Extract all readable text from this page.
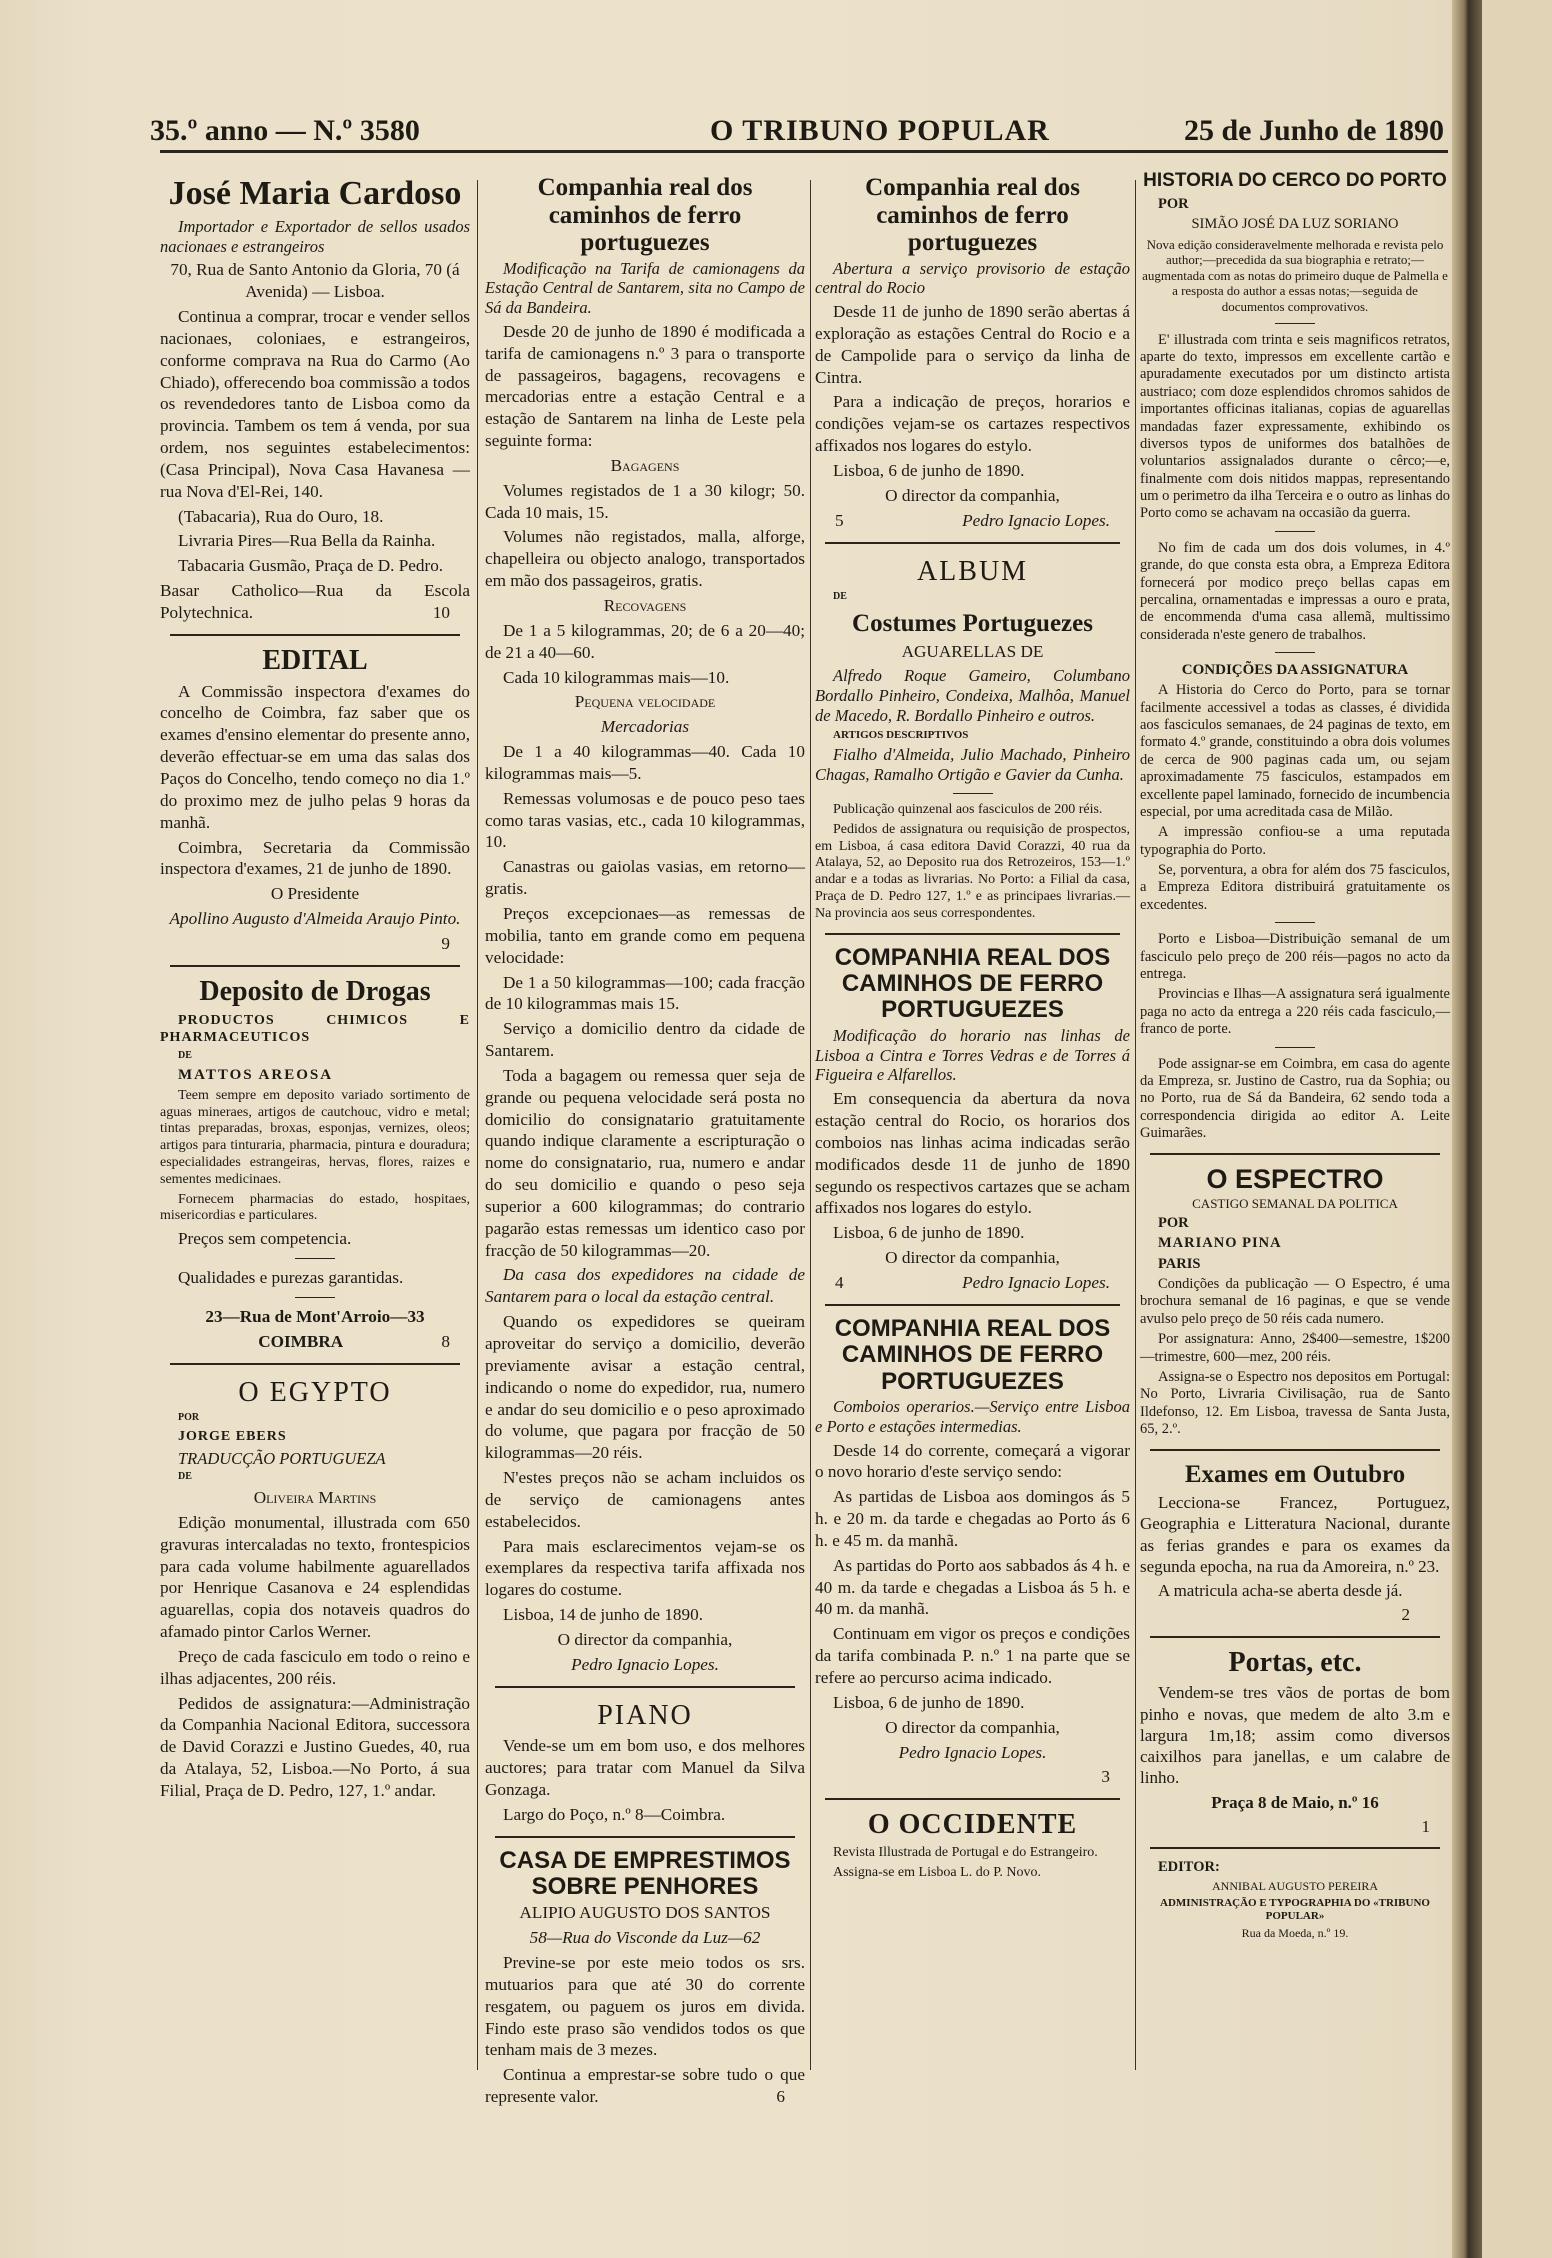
35.º anno — N.º 3580	O TRIBUNO POPULAR	25 de Junho de 1890
José Maria Cardoso

Importador e Exportador de sellos usados nacionaes e estrangeiros

70, Rua de Santo Antonio da Gloria, 70 (á Avenida) — Lisboa.

Continua a comprar, trocar e vender sellos nacionaes, coloniaes, e estrangeiros, conforme comprava na Rua do Carmo (Ao Chiado), offerecendo boa commissão a todos os revendedores tanto de Lisboa como da provincia. Tambem os tem á venda, por sua ordem, nos seguintes estabelecimentos: (Casa Principal), Nova Casa Havanesa — rua Nova d'El-Rei, 140.

(Tabacaria), Rua do Ouro, 18.

Livraria Pires—Rua Bella da Rainha.

Tabacaria Gusmão, Praça de D. Pedro.

Basar Catholico—Rua da Escola Polytechnica.	10

EDITAL

A Commissão inspectora d'exames do concelho de Coimbra, faz saber que os exames d'ensino elementar do presente anno, deverão effectuar-se em uma das salas dos Paços do Concelho, tendo começo no dia 1.º do proximo mez de julho pelas 9 horas da manhã.

Coimbra, Secretaria da Commissão inspectora d'exames, 21 de junho de 1890.

O Presidente

Apollino Augusto d'Almeida Araujo Pinto.

9

Deposito de Drogas

PRODUCTOS CHIMICOS E PHARMACEUTICOS

DE

MATTOS AREOSA

Teem sempre em deposito variado sortimento de aguas mineraes, artigos de cautchouc, vidro e metal; tintas preparadas, broxas, esponjas, vernizes, oleos; artigos para tinturaria, pharmacia, pintura e douradura; especialidades estrangeiras, hervas, flores, raizes e sementes medicinaes.

Fornecem pharmacias do estado, hospitaes, misericordias e particulares.

Preços sem competencia.

Qualidades e purezas garantidas.

23—Rua de Mont'Arroio—33

COIMBRA	8

O EGYPTO

POR

JORGE EBERS

TRADUCÇÃO PORTUGUEZA

DE

Oliveira Martins

Edição monumental, illustrada com 650 gravuras intercaladas no texto, frontespicios para cada volume habilmente aguarellados por Henrique Casanova e 24 esplendidas aguarellas, copia dos notaveis quadros do afamado pintor Carlos Werner.

Preço de cada fasciculo em todo o reino e ilhas adjacentes, 200 réis.

Pedidos de assignatura:—Administração da Companhia Nacional Editora, successora de David Corazzi e Justino Guedes, 40, rua da Atalaya, 52, Lisboa.—No Porto, á sua Filial, Praça de D. Pedro, 127, 1.º andar.

Companhia real dos caminhos de ferro portuguezes

Modificação na Tarifa de camionagens da Estação Central de Santarem, sita no Campo de Sá da Bandeira.

Desde 20 de junho de 1890 é modificada a tarifa de camionagens n.º 3 para o transporte de passageiros, bagagens, recovagens e mercadorias entre a estação Central e a estação de Santarem na linha de Leste pela seguinte forma:

Bagagens

Volumes registados de 1 a 30 kilogr; 50. Cada 10 mais, 15.

Volumes não registados, malla, alforge, chapelleira ou objecto analogo, transportados em mão dos passageiros, gratis.

Recovagens

De 1 a 5 kilogrammas, 20; de 6 a 20—40; de 21 a 40—60.

Cada 10 kilogrammas mais—10.

Pequena velocidade

Mercadorias

De 1 a 40 kilogrammas—40. Cada 10 kilogrammas mais—5.

Remessas volumosas e de pouco peso taes como taras vasias, etc., cada 10 kilogrammas, 10.

Canastras ou gaiolas vasias, em retorno—gratis.

Preços excepcionaes—as remessas de mobilia, tanto em grande como em pequena velocidade:

De 1 a 50 kilogrammas—100; cada fracção de 10 kilogrammas mais 15.

Serviço a domicilio dentro da cidade de Santarem.

Toda a bagagem ou remessa quer seja de grande ou pequena velocidade será posta no domicilio do consignatario gratuitamente quando indique claramente a escripturação o nome do consignatario, rua, numero e andar do seu domicilio e quando o peso seja superior a 600 kilogrammas; do contrario pagarão estas remessas um identico caso por fracção de 50 kilogrammas—20.

Da casa dos expedidores na cidade de Santarem para o local da estação central.

Quando os expedidores se queiram aproveitar do serviço a domicilio, deverão previamente avisar a estação central, indicando o nome do expedidor, rua, numero e andar do seu domicilio e o peso aproximado do volume, que pagara por fracção de 50 kilogrammas—20 réis.

N'estes preços não se acham incluidos os de serviço de camionagens antes estabelecidos.

Para mais esclarecimentos vejam-se os exemplares da respectiva tarifa affixada nos logares do costume.

Lisboa, 14 de junho de 1890.

O director da companhia,

Pedro Ignacio Lopes.

PIANO

Vende-se um em bom uso, e dos melhores auctores; para tratar com Manuel da Silva Gonzaga.

Largo do Poço, n.º 8—Coimbra.

CASA DE EMPRESTIMOS SOBRE PENHORES

ALIPIO AUGUSTO DOS SANTOS

58—Rua do Visconde da Luz—62

Previne-se por este meio todos os srs. mutuarios para que até 30 do corrente resgatem, ou paguem os juros em divida. Findo este praso são vendidos todos os que tenham mais de 3 mezes.

Continua a emprestar-se sobre tudo o que represente valor.	6

Companhia real dos caminhos de ferro portuguezes

Abertura a serviço provisorio de estação central do Rocio

Desde 11 de junho de 1890 serão abertas á exploração as estações Central do Rocio e a de Campolide para o serviço da linha de Cintra.

Para a indicação de preços, horarios e condições vejam-se os cartazes respectivos affixados nos logares do estylo.

Lisboa, 6 de junho de 1890.

O director da companhia,

5	Pedro Ignacio Lopes.
ALBUM

DE

Costumes Portuguezes

AGUARELLAS DE

Alfredo Roque Gameiro, Columbano Bordallo Pinheiro, Condeixa, Malhôa, Manuel de Macedo, R. Bordallo Pinheiro e outros.

ARTIGOS DESCRIPTIVOS

Fialho d'Almeida, Julio Machado, Pinheiro Chagas, Ramalho Ortigão e Gavier da Cunha.

Publicação quinzenal aos fasciculos de 200 réis.

Pedidos de assignatura ou requisição de prospectos, em Lisboa, á casa editora David Corazzi, 40 rua da Atalaya, 52, ao Deposito rua dos Retrozeiros, 153—1.º andar e a todas as livrarias. No Porto: a Filial da casa, Praça de D. Pedro 127, 1.º e as principaes livrarias.—Na provincia aos seus correspondentes.

COMPANHIA REAL DOS CAMINHOS DE FERRO PORTUGUEZES

Modificação do horario nas linhas de Lisboa a Cintra e Torres Vedras e de Torres á Figueira e Alfarellos.

Em consequencia da abertura da nova estação central do Rocio, os horarios dos comboios nas linhas acima indicadas serão modificados desde 11 de junho de 1890 segundo os respectivos cartazes que se acham affixados nos logares do estylo.

Lisboa, 6 de junho de 1890.

O director da companhia,

4	Pedro Ignacio Lopes.
COMPANHIA REAL DOS CAMINHOS DE FERRO PORTUGUEZES

Comboios operarios.—Serviço entre Lisboa e Porto e estações intermedias.

Desde 14 do corrente, começará a vigorar o novo horario d'este serviço sendo:

As partidas de Lisboa aos domingos ás 5 h. e 20 m. da tarde e chegadas ao Porto ás 6 h. e 45 m. da manhã.

As partidas do Porto aos sabbados ás 4 h. e 40 m. da tarde e chegadas a Lisboa ás 5 h. e 40 m. da manhã.

Continuam em vigor os preços e condições da tarifa combinada P. n.º 1 na parte que se refere ao percurso acima indicado.

Lisboa, 6 de junho de 1890.

O director da companhia,

Pedro Ignacio Lopes.

3

O OCCIDENTE

Revista Illustrada de Portugal e do Estrangeiro.

Assigna-se em Lisboa L. do P. Novo.

HISTORIA DO CERCO DO PORTO

POR

SIMÃO JOSÉ DA LUZ SORIANO

Nova edição consideravelmente melhorada e revista pelo author;—precedida da sua biographia e retrato;—augmentada com as notas do primeiro duque de Palmella e a resposta do author a essas notas;—seguida de documentos comprovativos.

E' illustrada com trinta e seis magnificos retratos, aparte do texto, impressos em excellente cartão e apuradamente executados por um distincto artista austriaco; com doze esplendidos chromos sahidos de importantes officinas italianas, copias de aguarellas mandadas fazer expressamente, exhibindo os diversos typos de uniformes dos batalhões de voluntarios assignalados durante o cêrco;—e, finalmente com dois nitidos mappas, representando um o perimetro da ilha Terceira e o outro as linhas do Porto como se achavam na occasião da guerra.

No fim de cada um dos dois volumes, in 4.º grande, do que consta esta obra, a Empreza Editora fornecerá por modico preço bellas capas em percalina, ornamentadas e impressas a ouro e prata, de encommenda d'uma casa allemã, multissimo considerada n'este genero de trabalhos.

CONDIÇÕES DA ASSIGNATURA

A Historia do Cerco do Porto, para se tornar facilmente accessivel a todas as classes, é dividida aos fasciculos semanaes, de 24 paginas de texto, em formato 4.º grande, constituindo a obra dois volumes de cerca de 900 paginas cada um, ou sejam aproximadamente 75 fasciculos, estampados em excellente papel laminado, fornecido de incumbencia especial, por uma acreditada casa de Milão.

A impressão confiou-se a uma reputada typographia do Porto.

Se, porventura, a obra for além dos 75 fasciculos, a Empreza Editora distribuirá gratuitamente os excedentes.

Porto e Lisboa—Distribuição semanal de um fasciculo pelo preço de 200 réis—pagos no acto da entrega.

Provincias e Ilhas—A assignatura será igualmente paga no acto da entrega a 220 réis cada fasciculo,—franco de porte.

Pode assignar-se em Coimbra, em casa do agente da Empreza, sr. Justino de Castro, rua da Sophia; ou no Porto, rua de Sá da Bandeira, 62 sendo toda a correspondencia dirigida ao editor A. Leite Guimarães.

O ESPECTRO

CASTIGO SEMANAL DA POLITICA

POR

MARIANO PINA

PARIS

Condições da publicação — O Espectro, é uma brochura semanal de 16 paginas, e que se vende avulso pelo preço de 50 réis cada numero.

Por assignatura: Anno, 2$400—semestre, 1$200—trimestre, 600—mez, 200 réis.

Assigna-se o Espectro nos depositos em Portugal: No Porto, Livraria Civilisação, rua de Santo Ildefonso, 12. Em Lisboa, travessa de Santa Justa, 65, 2.º.

Exames em Outubro

Lecciona-se Francez, Portuguez, Geographia e Litteratura Nacional, durante as ferias grandes e para os exames da segunda epocha, na rua da Amoreira, n.º 23.

A matricula acha-se aberta desde já.

2

Portas, etc.

Vendem-se tres vãos de portas de bom pinho e novas, que medem de alto 3.m e largura 1m,18; assim como diversos caixilhos para janellas, e um calabre de linho.

Praça 8 de Maio, n.º 16

1

EDITOR:

ANNIBAL AUGUSTO PEREIRA

ADMINISTRAÇÃO E TYPOGRAPHIA DO «TRIBUNO POPULAR»

Rua da Moeda, n.º 19.
